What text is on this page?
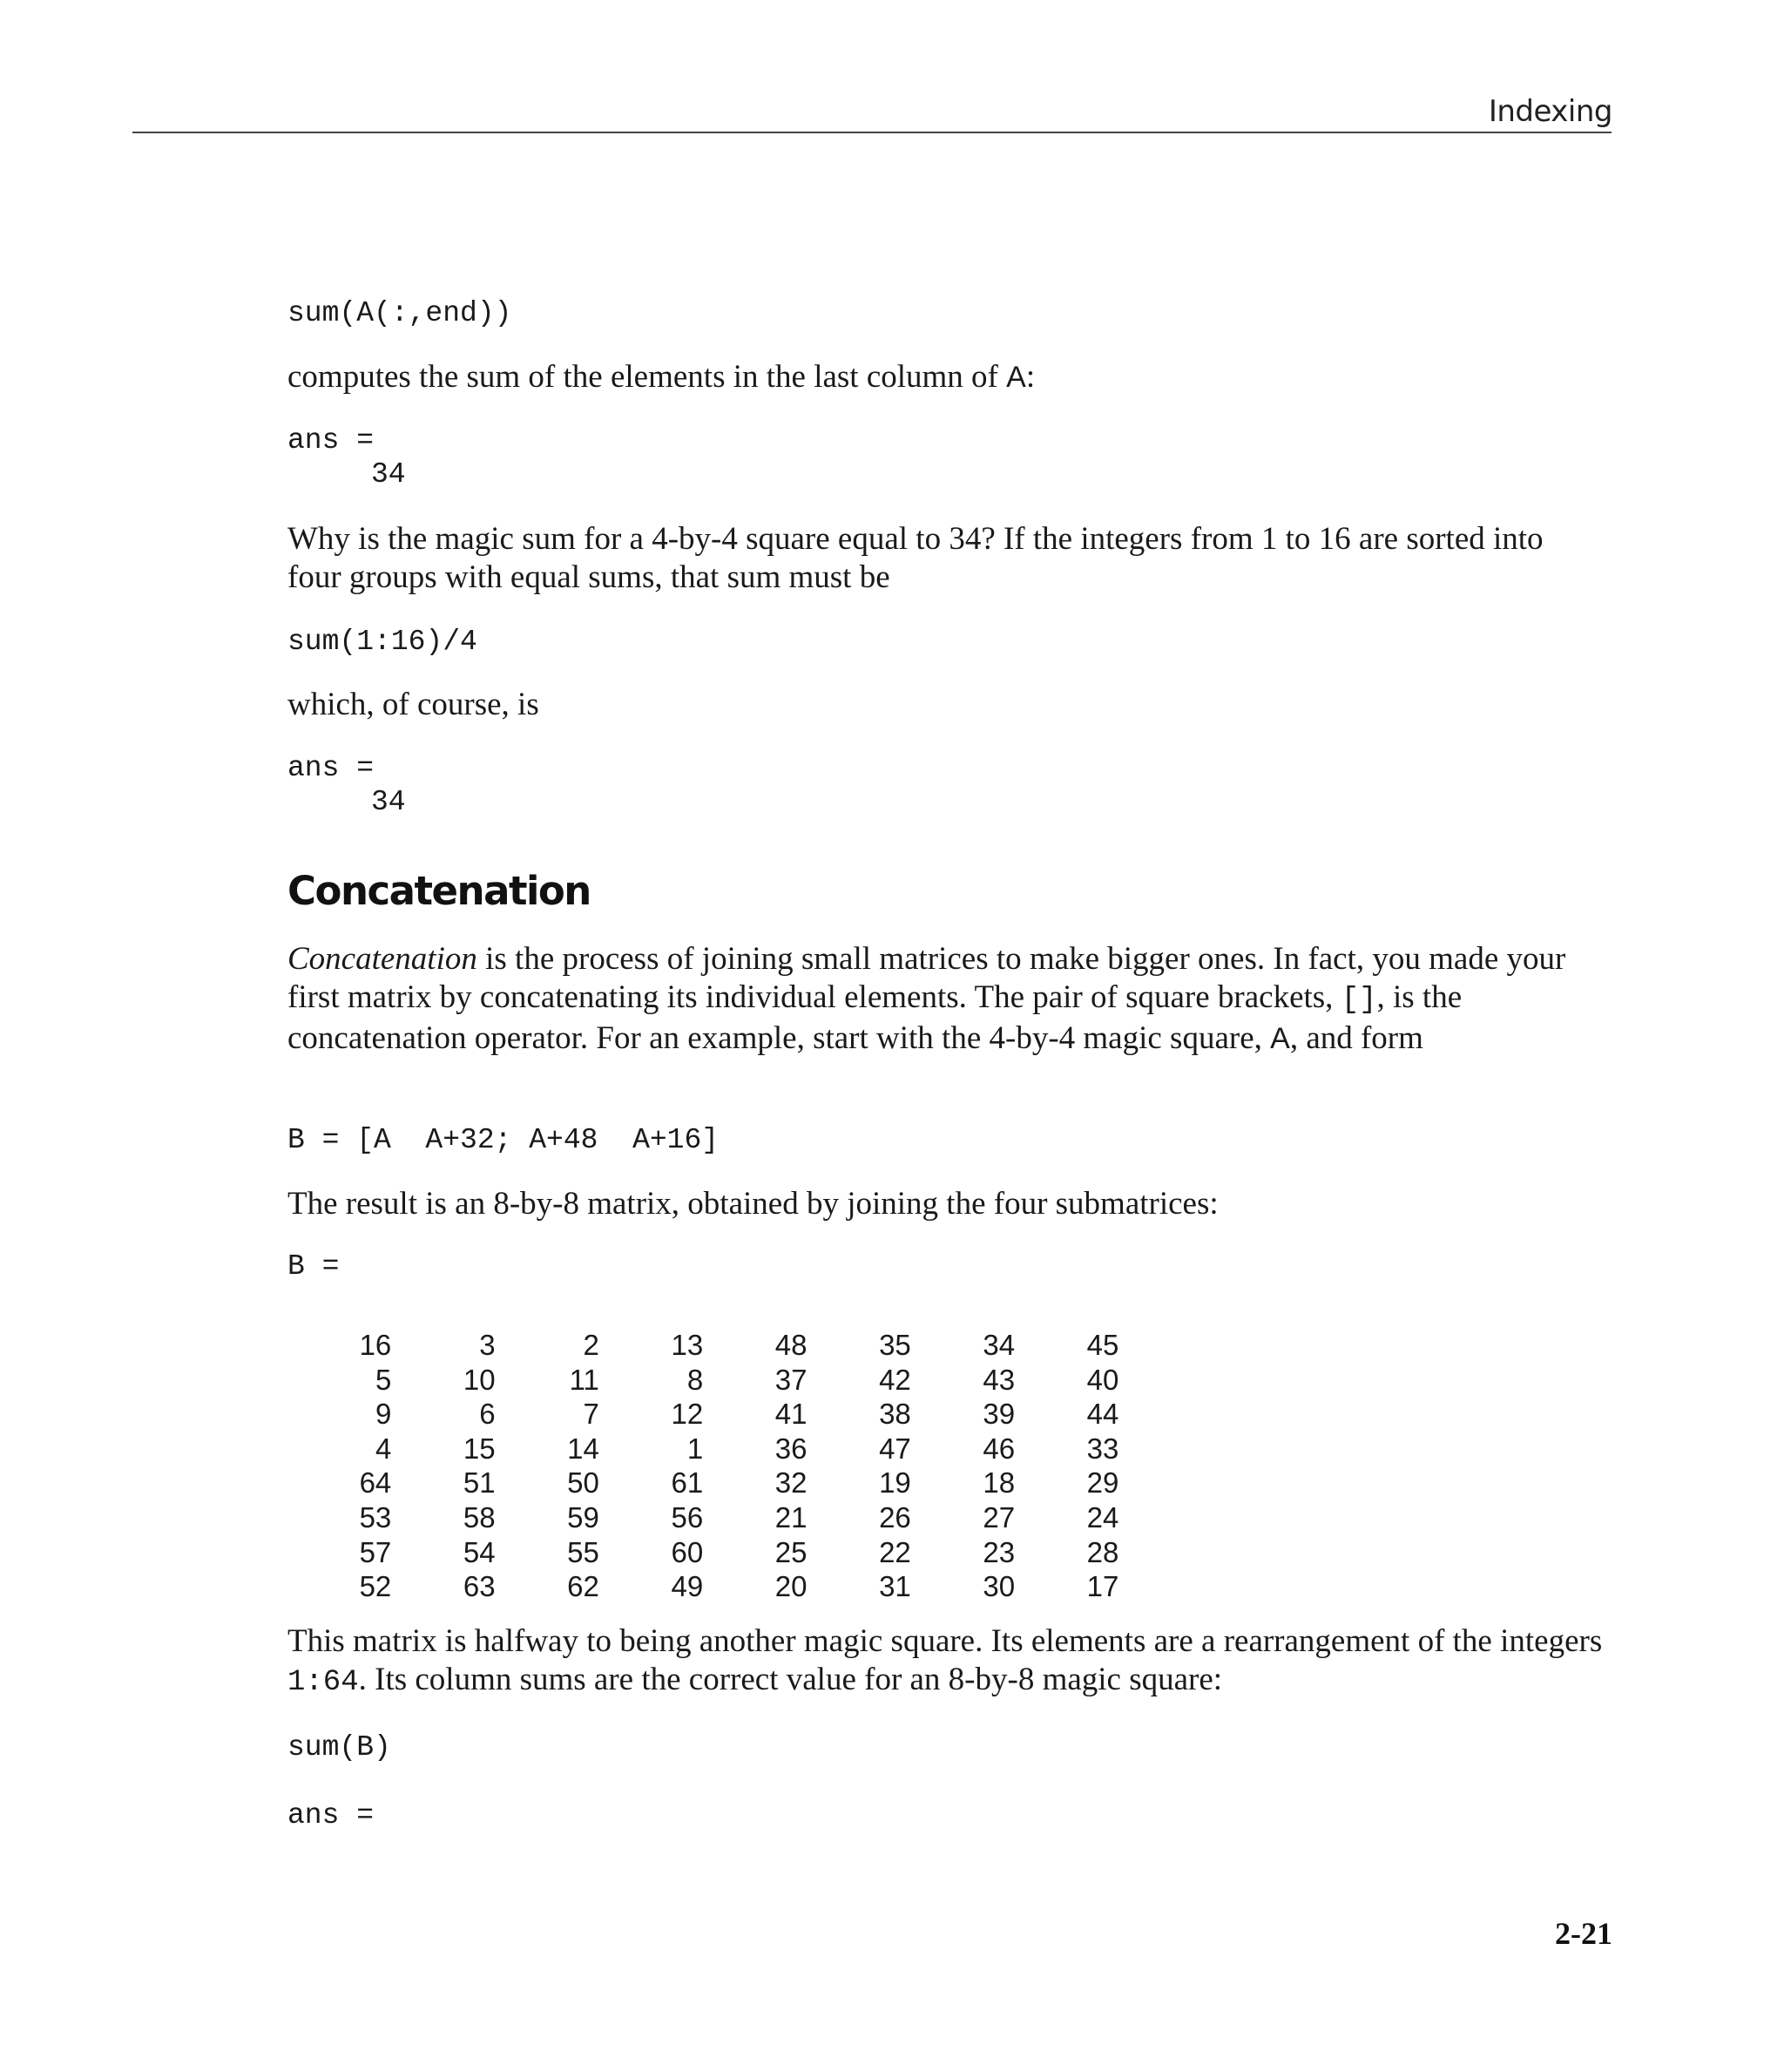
Indexing
sum(A(:,end))
computes the sum of the elements in the last column of A:
ans =
34
Why is the magic sum for a 4-by-4 square equal to 34? If the integers from 1 to 16 are sorted into four groups with equal sums, that sum must be
sum(1:16)/4
which, of course, is
ans =
34
Concatenation
Concatenation is the process of joining small matrices to make bigger ones. In fact, you made your first matrix by concatenating its individual elements. The pair of square brackets, [], is the concatenation operator. For an example, start with the 4-by-4 magic square, A, and form
B = [A  A+32; A+48  A+16]
The result is an 8-by-8 matrix, obtained by joining the four submatrices:
B =
16	3	2	13	48	35	34	45
5	10	11	8	37	42	43	40
9	6	7	12	41	38	39	44
4	15	14	1	36	47	46	33
64	51	50	61	32	19	18	29
53	58	59	56	21	26	27	24
57	54	55	60	25	22	23	28
52	63	62	49	20	31	30	17
This matrix is halfway to being another magic square. Its elements are a rearrangement of the integers 1:64. Its column sums are the correct value for an 8-by-8 magic square:
sum(B)
ans =
2-21
